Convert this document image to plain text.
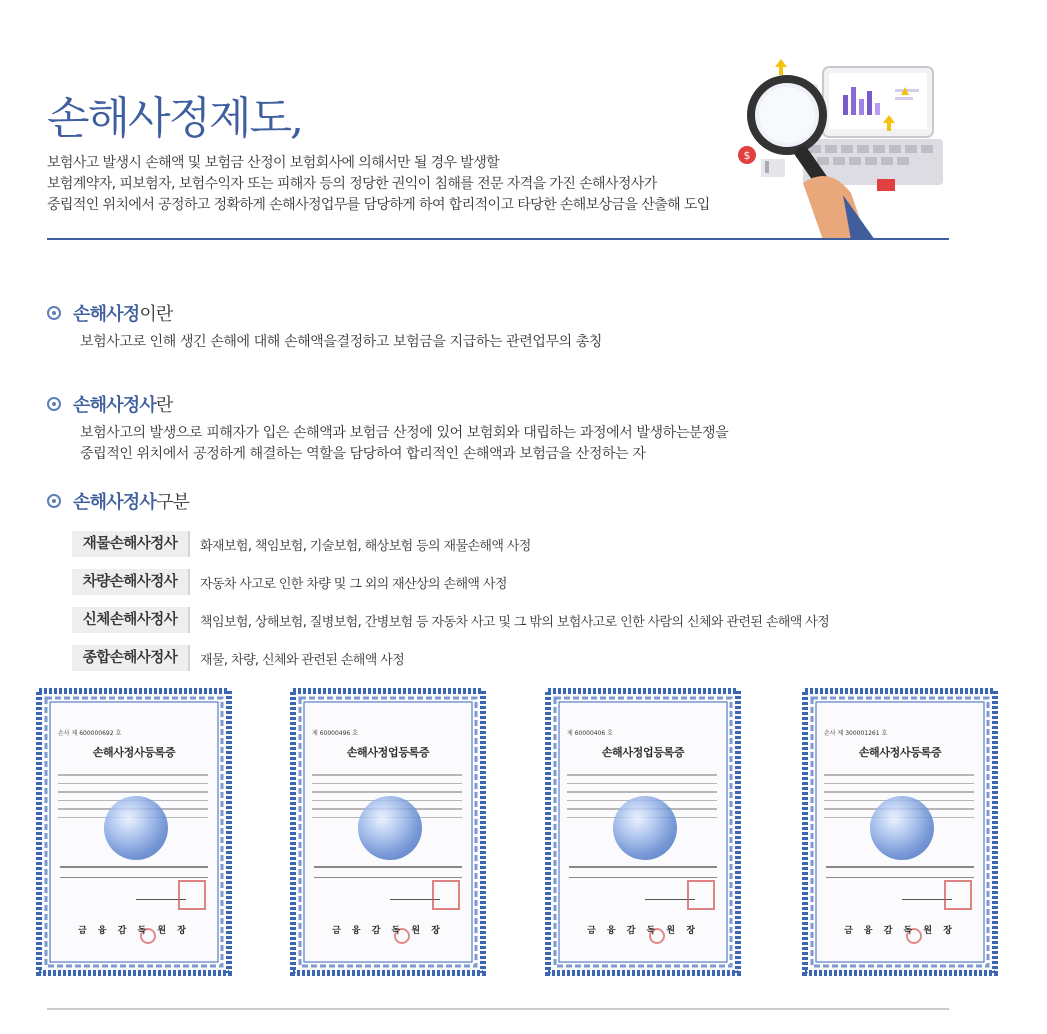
손해사정제도,
보험사고 발생시 손해액 및 보험금 산정이 보험회사에 의해서만 될 경우 발생할
보험계약자, 피보험자, 보험수익자 또는 피해자 등의 정당한 권익이 침해를 전문 자격을 가진 손해사정사가
중립적인 위치에서 공정하고 정확하게 손해사정업무를 담당하게 하여 합리적이고 타당한 손해보상금을 산출해 도입
$
손해사정 이란
보험사고로 인해 생긴 손해에 대해 손해액을결정하고 보험금을 지급하는 관련업무의 총칭
손해사정사 란
보험사고의 발생으로 피해자가 입은 손해액과 보험금 산정에 있어 보험회와 대립하는 과정에서 발생하는분쟁을
중립적인 위치에서 공정하게 해결하는 역할을 담당하여 합리적인 손해액과 보험금을 산정하는 자
손해사정사 구분
재물손해사정사	화재보험, 책임보험, 기술보험, 해상보험 등의 재물손해액 사정
차량손해사정사	자동차 사고로 인한 차량 및 그 외의 재산상의 손해액 사정
신체손해사정사	책임보험, 상해보험, 질병보험, 간병보험 등 자동차 사고 및 그 밖의 보험사고로 인한 사람의 신체와 관련된 손해액 사정
종합손해사정사	재물, 차량, 신체와 관련된 손해액 사정
손사 제 600000692 호
손해사정사등록증
금 융 감 독 원 장
제 60000496 호
손해사정업등록증
금 융 감 독 원 장
제 60000406 호
손해사정업등록증
금 융 감 독 원 장
손사 제 300001261 호
손해사정사등록증
금 융 감 독 원 장
